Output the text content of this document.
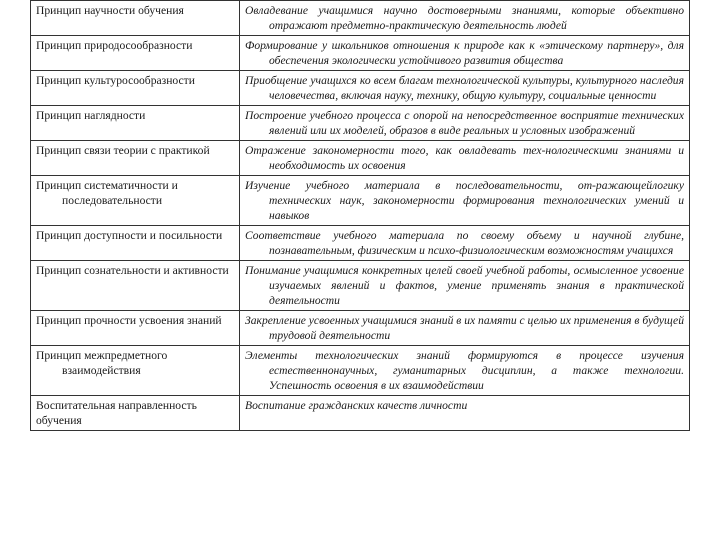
Принцип научности обучения	Овладевание учащимися научно достоверными знаниями, которые объективно отражают предметно-практическую деятельность людей

Принцип природосообразности	Формирование у школьников отношения к природе как к «этическому партнеру», для обеспечения экологически устойчивого развития общества

Принцип культуросообразности	Приобщение учащихся ко всем благам технологической культуры, культурного наследия человечества, включая науку, технику, общую культуру, социальные ценности

Принцип наглядности	Построение учебного процесса с опорой на непосредственное восприятие технических явлений или их моделей, образов в виде реальных и условных изображений

Принцип связи теории с практикой	Отражение закономерности того, как овладевать тех-нологическими знаниями и необходимость их освоения

Принцип систематичности и последовательности	Изучение учебного материала в последовательности, от-ражающейлогику технических наук, закономерности формирования технологических умений и навыков

Принцип доступности и посильности	Соответствие учебного материала по своему объему и научной глубине, познавательным, физическим и психо-физиологическим возможностям учащихся

Принцип сознательности и активности	Понимание учащимися конкретных целей своей учебной работы, осмысленное усвоение изучаемых явлений и фактов, умение применять знания в практической деятельности

Принцип прочности усвоения знаний	Закрепление усвоенных учащимися знаний в их памяти с целью их применения в будущей трудовой деятельности

Принцип межпредметного взаимодействия	Элементы технологических знаний формируются в процессе изучения естественнонаучных, гуманитарных дисциплин, а также технологии. Успешность освоения в их взаимодействии

Воспитательная направленность обучения	Воспитание гражданских качеств личности
